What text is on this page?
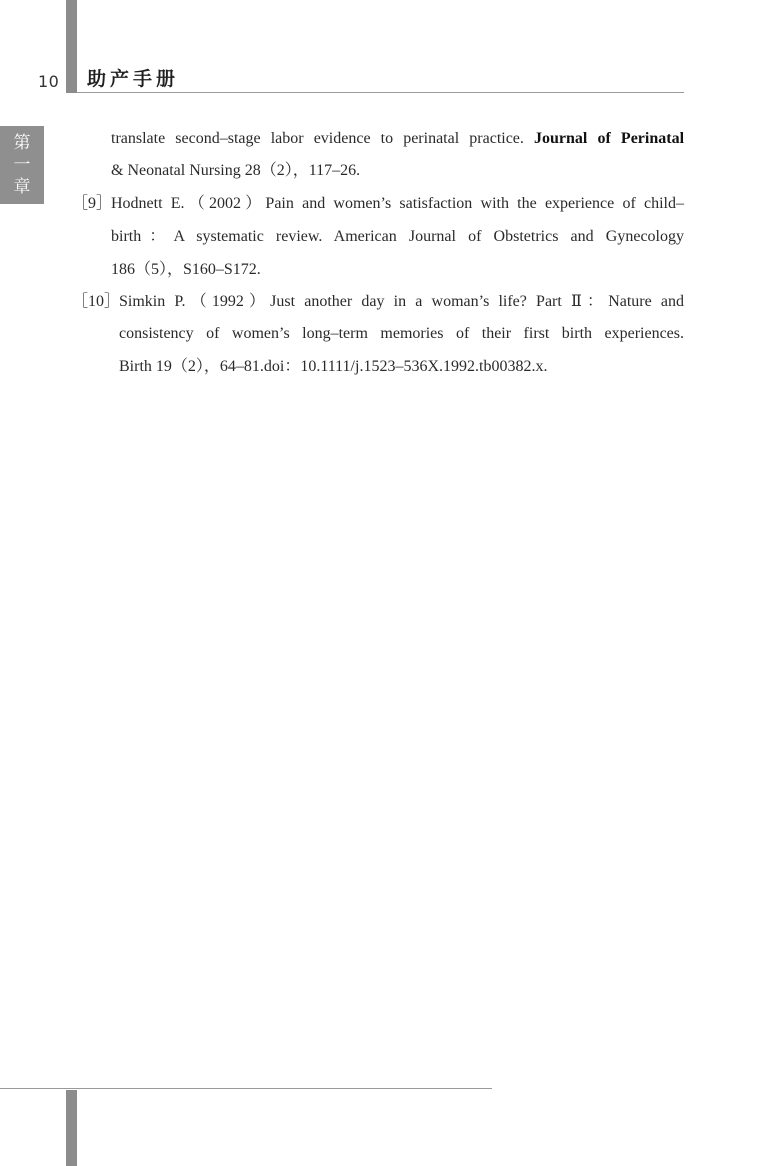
10 助产手册
第
一
章
translate second–stage labor evidence to perinatal practice. Journal of Perinatal
& Neonatal Nursing 28（2），117–26.
［9］
Hodnett E.（2002）Pain and women’s satisfaction with the experience of child–
birth：A systematic review. American Journal of Obstetrics and Gynecology
186（5），S160–S172.
［10］
Simkin P.（1992）Just another day in a woman’s life? Part Ⅱ：Nature and
consistency of women’s long–term memories of their first birth experiences.
Birth 19（2），64–81.doi：10.1111/j.1523–536X.1992.tb00382.x.
